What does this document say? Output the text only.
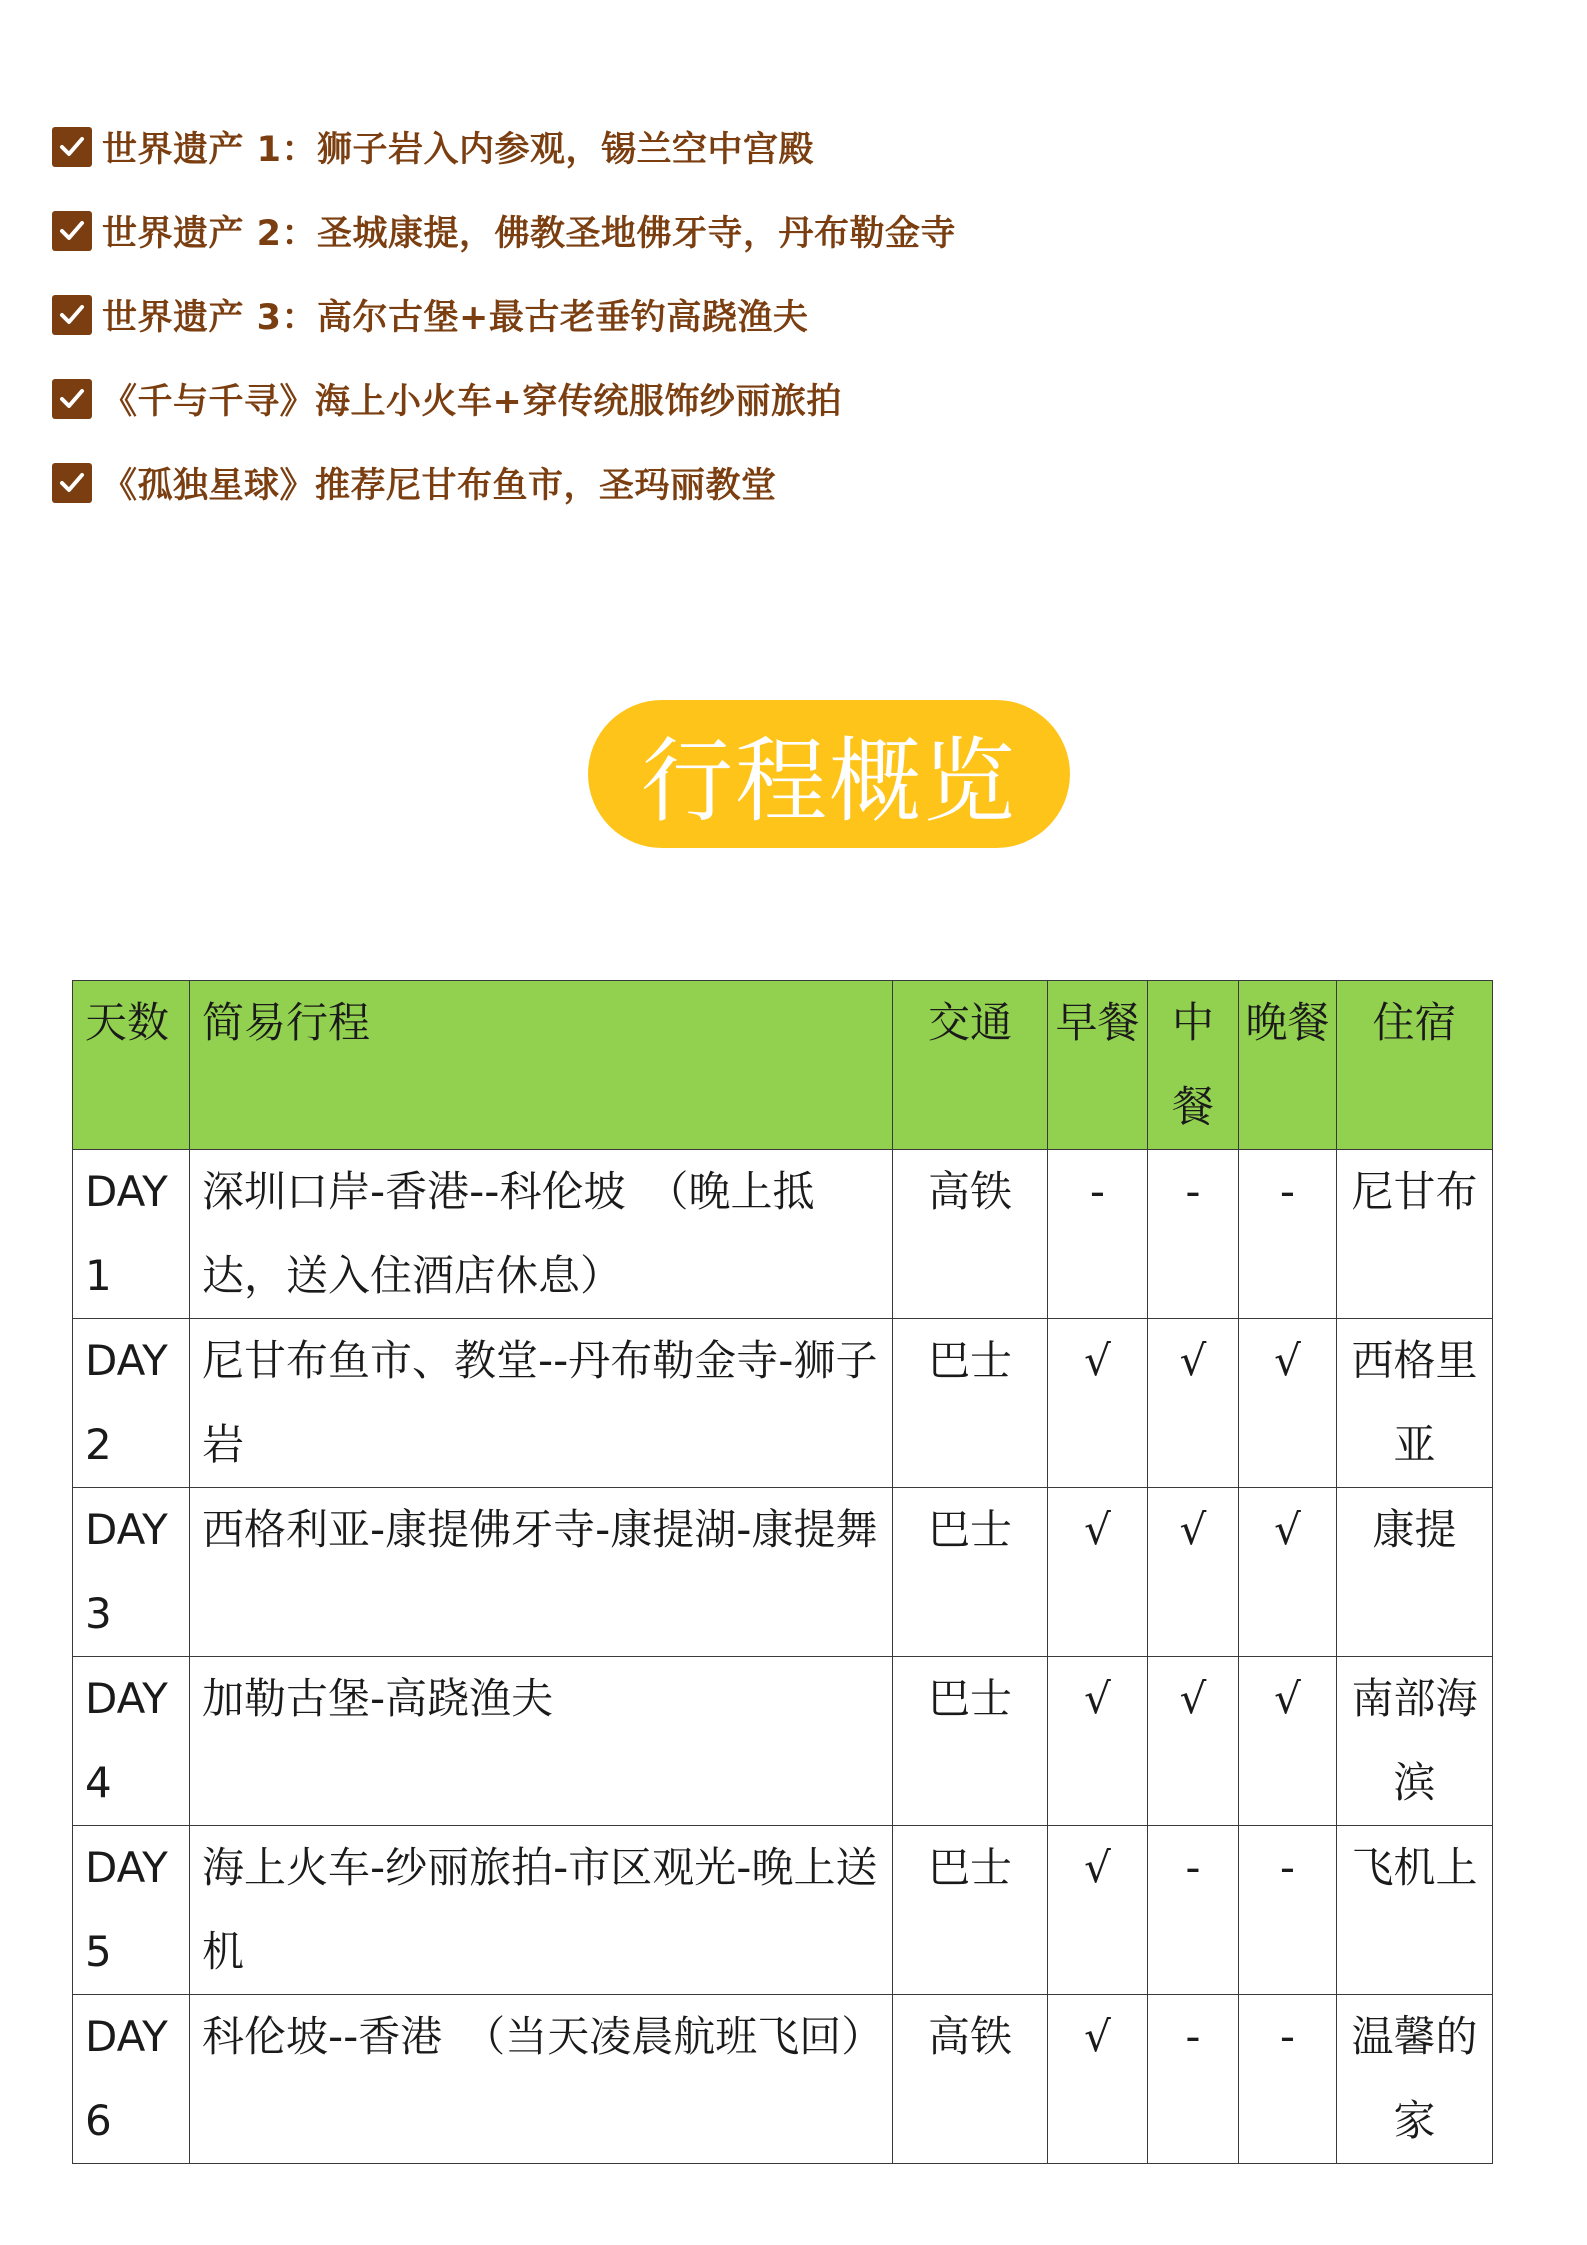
世界遗产 1：狮子岩入内参观，锡兰空中宫殿
世界遗产 2：圣城康提，佛教圣地佛牙寺，丹布勒金寺
世界遗产 3：高尔古堡+最古老垂钓高跷渔夫
《千与千寻》海上小火车+穿传统服饰纱丽旅拍
《孤独星球》推荐尼甘布鱼市，圣玛丽教堂
行程概览
天数	简易行程	交通	早餐	中餐	晚餐	住宿
DAY1	深圳口岸-香港--科伦坡　（晚上抵达，送入住酒店休息）	高铁	-	-	-	尼甘布
DAY2	尼甘布鱼市、教堂--丹布勒金寺-狮子岩	巴士	√	√	√	西格里亚
DAY3	西格利亚-康提佛牙寺-康提湖-康提舞	巴士	√	√	√	康提
DAY4	加勒古堡-高跷渔夫	巴士	√	√	√	南部海滨
DAY5	海上火车-纱丽旅拍-市区观光-晚上送机	巴士	√	-	-	飞机上
DAY6	科伦坡--香港　（当天凌晨航班飞回）	高铁	√	-	-	温馨的家
